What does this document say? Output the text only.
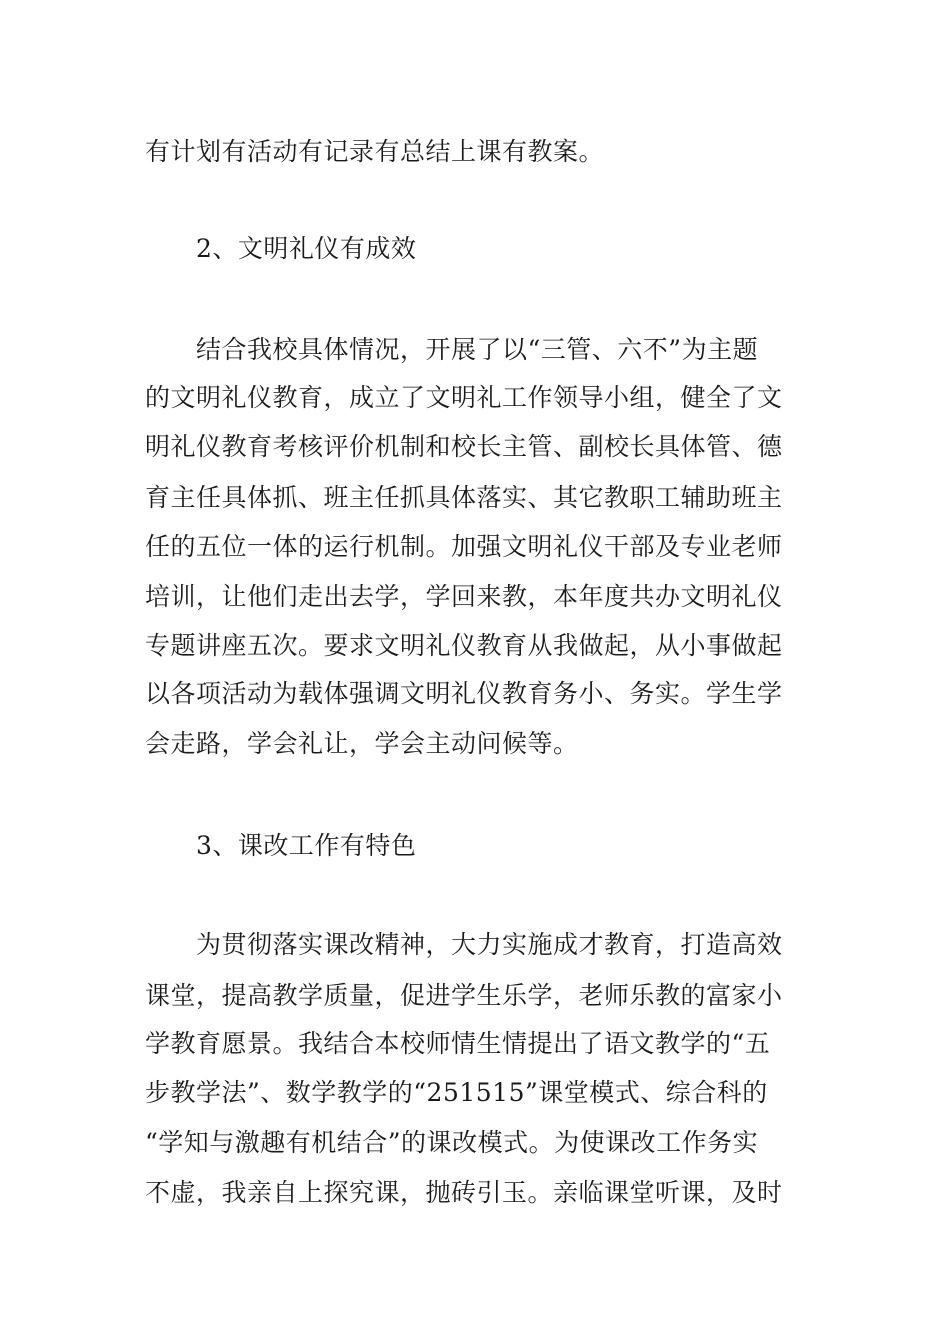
有计划有活动有记录有总结上课有教案。
2、文明礼仪有成效
结合我校具体情况，开展了以“三管、六不”为主题
的文明礼仪教育，成立了文明礼工作领导小组，健全了文
明礼仪教育考核评价机制和校长主管、副校长具体管、德
育主任具体抓、班主任抓具体落实、其它教职工辅助班主
任的五位一体的运行机制。加强文明礼仪干部及专业老师
培训，让他们走出去学，学回来教，本年度共办文明礼仪
专题讲座五次。要求文明礼仪教育从我做起，从小事做起
以各项活动为载体强调文明礼仪教育务小、务实。学生学
会走路，学会礼让，学会主动问候等。
3、课改工作有特色
为贯彻落实课改精神，大力实施成才教育，打造高效
课堂，提高教学质量，促进学生乐学，老师乐教的富家小
学教育愿景。我结合本校师情生情提出了语文教学的“五
步教学法”、数学教学的“251515”课堂模式、综合科的
“学知与激趣有机结合”的课改模式。为使课改工作务实
不虚，我亲自上探究课，抛砖引玉。亲临课堂听课，及时
